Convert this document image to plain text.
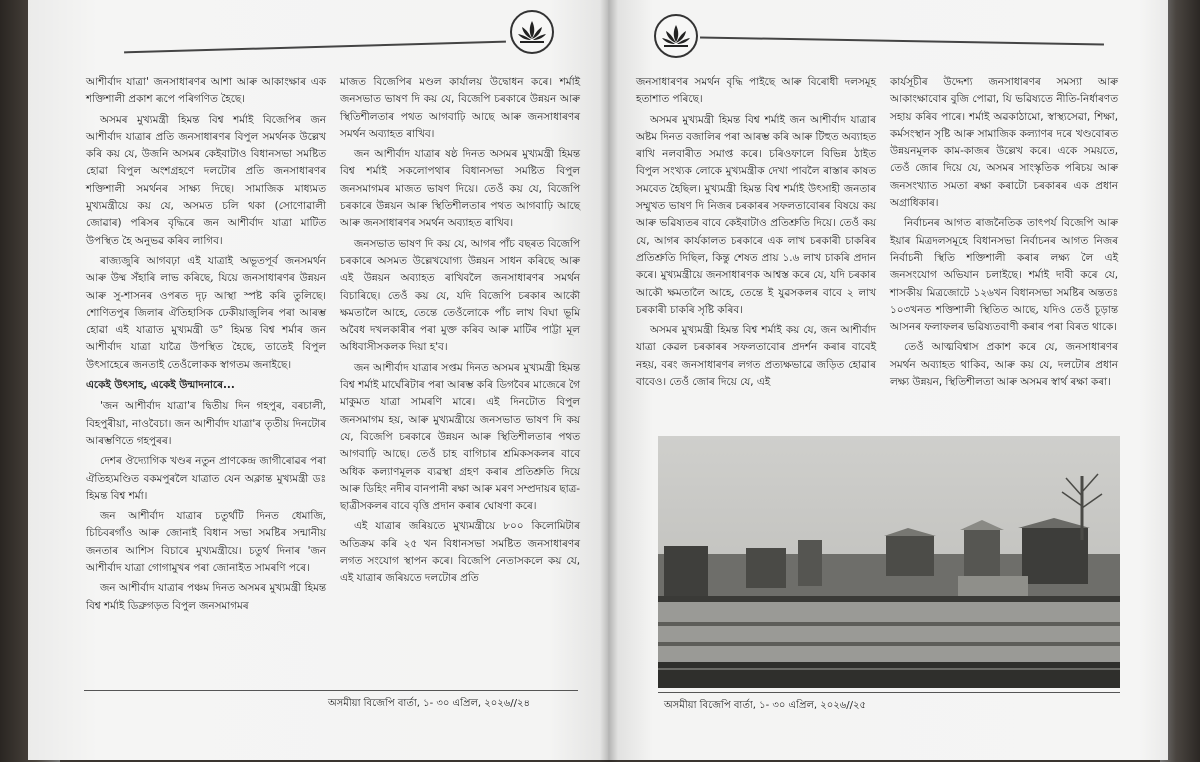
আশীৰ্বাদ যাত্ৰা' জনসাধাৰণৰ আশা আৰু আকাংক্ষাৰ এক শক্তিশালী প্ৰকাশ ৰূপে পৰিগণিত হৈছে।

অসমৰ মুখ্যমন্ত্ৰী হিমন্ত বিশ্ব শৰ্মাই বিজেপিৰ জন আশীৰ্বাদ যাত্ৰাৰ প্ৰতি জনসাধাৰণৰ বিপুল সমৰ্থনক উল্লেখ কৰি কয় যে, উজনি অসমৰ কেইবাটাও বিধানসভা সমষ্টিত হোৱা বিপুল অংশগ্ৰহণে দলটোৰ প্ৰতি জনসাধাৰণৰ শক্তিশালী সমৰ্থনৰ সাক্ষ্য দিছে। সামাজিক মাধ্যমত মুখ্যমন্ত্ৰীয়ে কয় যে, অসমত চলি থকা (সোণোৱালী জোৱাৰ) পৰিসৰ বৃদ্ধিৰে জন আশীৰ্বাদ যাত্ৰা মাটিত উপস্থিত হৈ অনুভৱ কৰিব লাগিব।

ৰাজ্যজুৰি আগবঢ়া এই যাত্ৰাই অভূতপূৰ্ব জনসমৰ্থন আৰু উষ্ম সঁহাৰি লাভ কৰিছে, যিয়ে জনসাধাৰণৰ উন্নয়ন আৰু সু-শাসনৰ ওপৰত দৃঢ় আস্থা স্পষ্ট কৰি তুলিছে। শোণিতপুৰ জিলাৰ ঐতিহাসিক ঢেকীয়াজুলিৰ পৰা আৰম্ভ হোৱা এই যাত্ৰাত মুখ্যমন্ত্ৰী ড° হিমন্ত বিশ্ব শৰ্মাৰ জন আশীৰ্বাদ যাত্ৰা যাত্ৰৈ উপস্থিত হৈছে, তাতেই বিপুল উৎসাহেৰে জনতাই তেওঁলোকক স্বাগতম জনাইছে।

একেই উৎসাহ, একেই উন্মাদনাৰে...

'জন আশীৰ্বাদ যাত্ৰা'ৰ দ্বিতীয় দিন গহপুৰ, বৰচালী, বিহপুৰীয়া, নাওবৈচা। জন আশীৰ্বাদ যাত্ৰা'ৰ তৃতীয় দিনটোৰ আৰম্ভণিতে গহপুৰৰ।

দেশৰ ঔদ্যোগিক খণ্ডৰ নতুন প্ৰাণকেন্দ্ৰ জাগীৰোৱৰ পৰা ঐতিহ্যমণ্ডিত বকমপুৰলৈ যাত্ৰাত যেন অক্লান্ত মুখ্যমন্ত্ৰী ডঃ হিমন্ত বিশ্ব শৰ্মা।

জন আশীৰ্বাদ যাত্ৰাৰ চতুৰ্থটি দিনত ধেমাজি, চিচিবৰগাঁও আৰু জোনাই বিধান সভা সমষ্টিৰ সন্মানীয় জনতাৰ আশিস বিচাৰে মুখ্যমন্ত্ৰীয়ে। চতুৰ্থ দিনাৰ 'জন আশীৰ্বাদ যাত্ৰা গোগামুখৰ পৰা জোনাইত সামৰণি পৰে।

জন আশীৰ্বাদ যাত্ৰাৰ পঞ্চম দিনত অসমৰ মুখ্যমন্ত্ৰী হিমন্ত বিশ্ব শৰ্মাই ডিব্ৰুগড়ত বিপুল জনসমাগমৰ

মাজত বিজেপিৰ মণ্ডল কাৰ্যালয় উদ্বোধন কৰে। শৰ্মাই জনসভাত ভাষণ দি কয় যে, বিজেপি চৰকাৰে উন্নয়ন আৰু স্থিতিশীলতাৰ পথত আগবাঢ়ি আছে আৰু জনসাধাৰণৰ সমৰ্থন অব্যাহত ৰাখিব।

জন আশীৰ্বাদ যাত্ৰাৰ ষষ্ঠ দিনত অসমৰ মুখ্যমন্ত্ৰী হিমন্ত বিশ্ব শৰ্মাই সকলোপথাৰ বিধানসভা সমষ্টিত বিপুল জনসমাগমৰ মাজত ভাষণ দিয়ে। তেওঁ কয় যে, বিজেপি চৰকাৰে উন্নয়ন আৰু স্থিতিশীলতাৰ পথত আগবাঢ়ি আছে আৰু জনসাধাৰণৰ সমৰ্থন অব্যাহত ৰাখিব।

জনসভাত ভাষণ দি কয় যে, আগৰ পাঁচ বছৰত বিজেপি চৰকাৰে অসমত উল্লেখযোগ্য উন্নয়ন সাধন কৰিছে আৰু এই উন্নয়ন অব্যাহত ৰাখিবলৈ জনসাধাৰণৰ সমৰ্থন বিচাৰিছে। তেওঁ কয় যে, যদি বিজেপি চৰকাৰ আকৌ ক্ষমতালৈ আহে, তেন্তে তেওঁলোকে পাঁচ লাখ বিঘা ভূমি অবৈধ দখলকাৰীৰ পৰা মুক্ত কৰিব আৰু মাটিৰ পাট্টা মূল অধিবাসীসকলক দিয়া হ'ব।

জন আশীৰ্বাদ যাত্ৰাৰ সপ্তম দিনত অসমৰ মুখ্যমন্ত্ৰী হিমন্ত বিশ্ব শৰ্মাই মাৰ্ঘেৰিটাৰ পৰা আৰম্ভ কৰি ডিগবৈৰ মাজেৰে গৈ মাকুমত যাত্ৰা সামৰণি মাৰে। এই দিনটোত বিপুল জনসমাগম হয়, আৰু মুখ্যমন্ত্ৰীয়ে জনসভাত ভাষণ দি কয় যে, বিজেপি চৰকাৰে উন্নয়ন আৰু স্থিতিশীলতাৰ পথত আগবাঢ়ি আছে। তেওঁ চাহ বাগিচাৰ শ্ৰমিকসকলৰ বাবে অধিক কল্যাণমূলক ব্যৱস্থা গ্ৰহণ কৰাৰ প্ৰতিশ্ৰুতি দিয়ে আৰু ডিহিং নদীৰ বানপানী ৰক্ষা আৰু মৰণ সম্প্ৰদায়ৰ ছাত্ৰ-ছাত্ৰীসকলৰ বাবে বৃত্তি প্ৰদান কৰাৰ ঘোষণা কৰে।

এই যাত্ৰাৰ জৰিয়তে মুখ্যমন্ত্ৰীয়ে ৮০০ কিলোমিটাৰ অতিক্ৰম কৰি ২৫ খন বিধানসভা সমষ্টিত জনসাধাৰণৰ লগত সংযোগ স্থাপন কৰে। বিজেপি নেতাসকলে কয় যে, এই যাত্ৰাৰ জৰিয়তে দলটোৰ প্ৰতি

অসমীয়া বিজেপি বাৰ্তা, ১- ৩০ এপ্ৰিল, ২০২৬//২৪

জনসাধাৰণৰ সমৰ্থন বৃদ্ধি পাইছে আৰু বিৰোধী দলসমূহ হতাশাত পৰিছে।

অসমৰ মুখ্যমন্ত্ৰী হিমন্ত বিশ্ব শৰ্মাই জন আশীৰ্বাদ যাত্ৰাৰ অষ্টম দিনত বজালিৰ পৰা আৰম্ভ কৰি আৰু টিহুত অব্যাহত ৰাখি নলবাৰীত সমাপ্ত কৰে। চৰিওফালে বিভিন্ন ঠাইত বিপুল সংখ্যক লোকে মুখ্যমন্ত্ৰীক দেখা পাবলৈ ৰাস্তাৰ কাষত সমবেত হৈছিল। মুখ্যমন্ত্ৰী হিমন্ত বিশ্ব শৰ্মাই উৎসাহী জনতাৰ সম্মুখত ভাষণ দি নিজৰ চৰকাৰৰ সফলতাবোৰৰ বিষয়ে কয় আৰু ভৱিষ্যতৰ বাবে কেইবাটাও প্ৰতিশ্ৰুতি দিয়ে। তেওঁ কয় যে, আগৰ কাৰ্যকালত চৰকাৰে এক লাখ চৰকাৰী চাকৰিৰ প্ৰতিশ্ৰুতি দিছিল, কিন্তু শেষত প্ৰায় ১.৬ লাখ চাকৰি প্ৰদান কৰে। মুখ্যমন্ত্ৰীয়ে জনসাধাৰণক আশ্বস্ত কৰে যে, যদি চৰকাৰ আকৌ ক্ষমতালৈ আহে, তেন্তে ই যুৱসকলৰ বাবে ২ লাখ চৰকাৰী চাকৰি সৃষ্টি কৰিব।

অসমৰ মুখ্যমন্ত্ৰী হিমন্ত বিশ্ব শৰ্মাই কয় যে, জন আশীৰ্বাদ যাত্ৰা কেৱল চৰকাৰৰ সফলতাবোৰ প্ৰদৰ্শন কৰাৰ বাবেই নহয়, বৰং জনসাধাৰণৰ লগত প্ৰত্যক্ষভাৱে জড়িত হোৱাৰ বাবেও। তেওঁ জোৰ দিয়ে যে, এই

কাৰ্যসূচীৰ উদ্দেশ্য জনসাধাৰণৰ সমস্যা আৰু আকাংক্ষাবোৰ বুজি পোৱা, যি ভৱিষ্যতে নীতি-নিৰ্ধাৰণত সহায় কৰিব পাৰে। শৰ্মাই অৱকাঠামো, স্বাস্থ্যসেৱা, শিক্ষা, কৰ্মসংস্থান সৃষ্টি আৰু সামাজিক কল্যাণৰ দৰে খণ্ডবোৰত উন্নয়নমূলক কাম-কাজৰ উল্লেখ কৰে। একে সময়তে, তেওঁ জোৰ দিয়ে যে, অসমৰ সাংস্কৃতিক পৰিচয় আৰু জনসংখ্যাত সমতা ৰক্ষা কৰাটো চৰকাৰৰ এক প্ৰধান অগ্ৰাধিকাৰ।

নিৰ্বাচনৰ আগত ৰাজনৈতিক তাৎপৰ্য বিজেপি আৰু ইয়াৰ মিত্ৰদলসমূহে বিধানসভা নিৰ্বাচনৰ আগত নিজৰ নিৰ্বাচনী স্থিতি শক্তিশালী কৰাৰ লক্ষ্য লৈ এই জনসংযোগ অভিযান চলাইছে। শৰ্মাই দাবী কৰে যে, শাসকীয় মিত্ৰজোটে ১২৬খন বিধানসভা সমষ্টিৰ অন্ততঃ ১০৩খনত শক্তিশালী স্থিতিত আছে, যদিও তেওঁ চূড়ান্ত আসনৰ ফলাফলৰ ভৱিষ্যতবাণী কৰাৰ পৰা বিৰত থাকে।

তেওঁ আত্মবিশ্বাস প্ৰকাশ কৰে যে, জনসাধাৰণৰ সমৰ্থন অব্যাহত থাকিব, আৰু কয় যে, দলটোৰ প্ৰধান লক্ষ্য উন্নয়ন, স্থিতিশীলতা আৰু অসমৰ স্বাৰ্থ ৰক্ষা কৰা।

অসমীয়া বিজেপি বাৰ্তা, ১- ৩০ এপ্ৰিল, ২০২৬//২৫
